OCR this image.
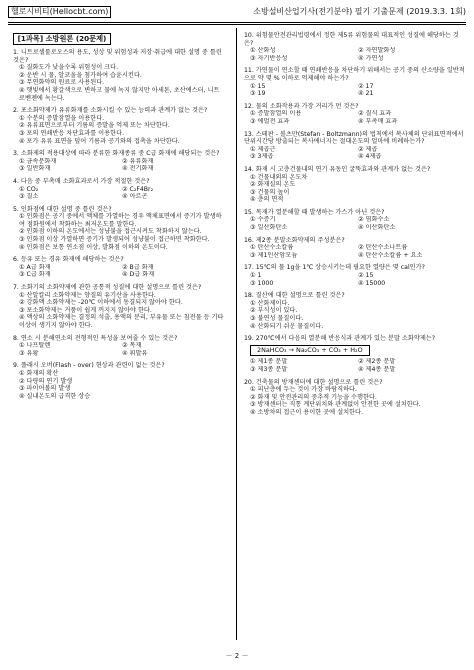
헬로시비티(Hellocbt.com)	소방설비산업기사(전기분야) 필기 기출문제 (2019.3.3. 1회)
[1과목] 소방원론 (20문제)
1. 니트로셀룰로오스의 용도, 성상 및 위험성과 저장·취급에 대한 설명 중 틀린 것은?
① 질화도가 낮을수록 위험성이 크다.
② 운반 시 물, 알코올을 첨가하여 습윤시킨다.
③ 무연화약의 원료로 사용된다.
④ 햇빛에서 황갈색으로 변하고 물에 녹지 않지만 아세톤, 초산에스터, 니트로벤젠에 녹는다.
2. 포소화약제가 유류화재를 소화시킬 수 있는 능력과 관계가 없는 것은?
① 수분의 증발잠열을 이용한다.
② 유류표면으로부터 기름의 증발을 억제 또는 차단한다.
③ 포의 연쇄반응 차단효과를 이용한다.
④ 포가 유류 표면을 덮어 기름과 공기와의 접촉을 차단한다.
3. 소화제의 적용대상에 따라 분류한 화재종류 중 C급 화재에 해당되는 것은?
① 금속분화재	② 유류화재
③ 일반화재	④ 전기화재
4. 다음 중 부촉매 소화효과로서 가장 적절한 것은?
① CO₂	② C₂F4Br₂
③ 질소	④ 아르곤
5. 인화점에 대한 설명 중 틀린 것은?
① 인화점은 공기 중에서 액체를 가열하는 경우 액체표면에서 증기가 발생하여 점화원에서 착화하는 최저온도를 말한다.
② 인화점 이하의 온도에서는 성냥불을 접근시켜도 착화하지 않는다.
③ 인화점 이상 가열하면 증기가 발생되어 성냥불이 접근하면 착화한다.
④ 인화점은 보통 연소점 이상, 발화점 이하의 온도이다.
6. 등유 또는 경유 화재에 해당하는 것은?
① A급 화재	② B급 화재
③ C급 화재	④ D급 화재
7. 소화기의 소화약제에 관한 공통적 성질에 대한 설명으로 틀린 것은?
① 산알칼리 소화약제는 양질의 유기산을 사용한다.
② 강화액 소화약제는 -20℃ 이하에서 동결되지 않아야 한다.
③ 포소화약제는 거품이 쉽게 꺼지지 않아야 한다.
④ 액상의 소화약제는 결정의 석출, 용액의 분리, 부유물 또는 침전물 등 기타 이상이 생기지 않아야 한다.
8. 연소 시 분해연소의 전형적인 특성을 보여줄 수 있는 것은?
① 나프탈렌	② 목재
③ 유황	④ 휘발유
9. 플래시 오버(Flash - over) 현상과 관련이 없는 것은?
① 화재의 확산
② 다량의 연기 발생
③ 파이어볼의 발생
④ 실내온도의 급격한 상승
10. 위험물안전관리법령에서 정한 제5류 위험물의 대표적인 성질에 해당하는 것은?
① 산화성	② 자연발화성
③ 자기반응성	④ 가연성
11. 가연물이 연소할 때 연쇄반응을 차단하기 위해서는 공기 중의 산소량을 일반적으로 약 몇 % 이하로 억제해야 하는가?
① 15	② 17
③ 19	④ 21
12. 물의 소화작용과 가장 거리가 먼 것은?
① 증발잠열의 이용	② 질식 효과
③ 에멀전 효과	④ 부촉매 효과
13. 스테판 - 볼츠만(Stefan - Boltzmann)의 법칙에서 복사체의 단위표면적에서 단위시간당 방출되는 복사에너지는 절대온도의 얼마에 비례하는가?
① 제곱근	② 제곱
③ 3제곱	④ 4제곱
14. 화재 시 고층건물내의 연기 유동인 굴뚝효과와 관계가 없는 것은?
① 건물내외의 온도차
② 화재실의 온도
③ 건물의 높이
④ 층의 면적
15. 목재가 열분해할 때 발생하는 가스가 아닌 것은?
① 수증기	② 염화수소
③ 일산화탄소	④ 이산화탄소
16. 제2종 분말소화약제의 주성분은?
① 탄산수소칼륨	② 탄산수소나트륨
③ 제1인산암모늄	④ 탄산수소칼륨 + 요소
17. 15℃의 물 1g을 1℃ 상승시키는데 필요한 열량은 몇 cal인가?
① 1	② 15
③ 1000	④ 15000
18. 질산에 대한 설명으로 틀린 것은?
① 산화제이다.
② 부식성이 있다.
③ 불연성 물질이다.
④ 산화되기 쉬운 물질이다.
19. 270℃에서 다음의 열분해 반응식과 관계가 있는 분말 소화약제는?
2NaHCO₃ → Na₂CO₃ + CO₂ + H₂O
① 제1종 분말	② 제2종 분말
③ 제3종 분말	④ 제4종 분말
20. 건축물의 방재센터에 대한 설명으로 틀린 것은?
① 피난층에 두는 것이 가장 바람직하다.
② 화재 및 안전관리의 중추적 기능을 수행한다.
③ 방재센터는 직통 계단위치와 관계없이 안전한 곳에 설치한다.
④ 소방차의 접근이 용이한 곳에 설치한다.
－ 2 －
